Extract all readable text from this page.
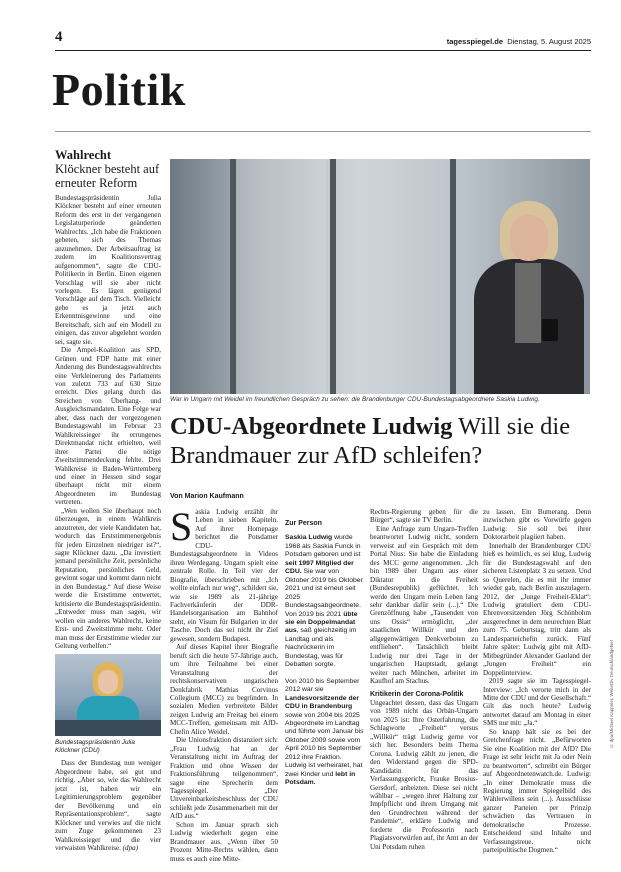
4	tagesspiegel.de Dienstag, 5. August 2025
Politik
Wahlrecht
Klöckner besteht auf erneuter Reform

Bundestagspräsidentin Julia Klöckner besteht auf einer erneuten Reform des erst in der vergangenen Legislaturperiode geänderten Wahlrechts. „Ich habe die Fraktionen gebeten, sich des Themas anzunehmen. Der Arbeitsauftrag ist zudem im Koalitionsvertrag aufgenommen“, sagte die CDU-Politikerin in Berlin. Einen eigenen Vorschlag will sie aber nicht vorlegen. Es lägen genügend Vorschläge auf dem Tisch. Vielleicht gebe es ja jetzt auch Erkenntnisgewinne und eine Bereitschaft, sich auf ein Modell zu einigen, das zuvor abgelehnt worden sei, sagte sie.

Die Ampel-Koalition aus SPD, Grünen und FDP hatte mit einer Änderung des Bundestagswahlrechts eine Verkleinerung des Parlaments von zuletzt 733 auf 630 Sitze erreicht. Dies gelang durch das Streichen von Überhang- und Ausgleichsmandaten. Eine Folge war aber, dass nach der vorgezogenen Bundestagswahl im Februar 23 Wahlkreissieger ihr errungenes Direktmandat nicht erhielten, weil ihrer Partei die nötige Zweitstimmendeckung fehlte. Drei Wahlkreise in Baden-Württemberg und einer in Hessen sind sogar überhaupt nicht mit einem Abgeordneten im Bundestag vertreten.

„Wen wollen Sie überhaupt noch überzeugen, in einem Wahlkreis anzutreten, der viele Kandidaten hat, wodurch das Erststimmenergebnis für jeden Einzelnen niedriger ist?“, sagte Klöckner dazu. „Da investiert jemand persönliche Zeit, persönliche Reputation, persönliches Geld, gewinnt sogar und kommt dann nicht in den Bundestag.“ Auf diese Weise werde die Erststimme entwertet, kritisierte die Bundestagspräsidentin. „Entweder muss man sagen, wir wollen ein anderes Wahlrecht, keine Erst- und Zweitstimme mehr. Oder man muss der Erststimme wieder zur Geltung verhelfen.“

Bundestagspräsidentin Julia Klöckner (CDU)

Dass der Bundestag nun weniger Abgeordnete habe, sei gut und richtig. „Aber so, wie das Wahlrecht jetzt ist, haben wir ein Legitimierungsproblem gegenüber der Bevölkerung und ein Repräsentationsproblem“, sagte Klöckner und verwies auf die nicht zum Zuge gekommenen 23 Wahlkreissieger und die vier verwaisten Wahlkreise. (dpa)

War in Ungarn mit Weidel im freundlichen Gespräch zu sehen: die Brandenburger CDU-Bundestagsabgeordnete Saskia Ludwig.
CDU-Abgeordnete Ludwig Will sie die Brandmauer zur AfD schleifen?
Von Marion Kaufmann

Saskia Ludwig erzählt ihr Leben in sieben Kapiteln. Auf ihrer Homepage berichtet die Potsdamer CDU-Bundestagsabgeordnete in Videos ihren Werdegang. Ungarn spielt eine zentrale Rolle. In Teil vier der Biografie, überschrieben mit „Ich wollte einfach nur weg“, schildert sie, wie sie 1989 als 21-jährige Fachverkäuferin der DDR-Handelsorganisation am Bahnhof steht, ein Visum für Bulgarien in der Tasche. Doch das sei nicht ihr Ziel gewesen, sondern Budapest.

Auf dieses Kapitel ihrer Biografie beruft sich die heute 57-Jährige auch, um ihre Teilnahme bei einer Veranstaltung der rechtskonservativen ungarischen Denkfabrik Mathias Corvinus Collegium (MCC) zu begründen. In sozialen Medien verbreitete Bilder zeigen Ludwig am Freitag bei einem MCC-Treffen, gemeinsam mit AfD-Chefin Alice Weidel.

Die Unionsfraktion distanziert sich: „Frau Ludwig hat an der Veranstaltung nicht im Auftrag der Fraktion und ohne Wissen der Fraktionsführung teilgenommen“, sagte eine Sprecherin dem Tagesspiegel. „Der Unvereinbarkeitsbeschluss der CDU schließt jede Zusammenarbeit mit der AfD aus.“

Schon im Januar sprach sich Ludwig wiederholt gegen eine Brandmauer aus. „Wenn über 50 Prozent Mitte-Rechts wählen, dann muss es auch eine Mitte-

Zur Person

Saskia Ludwig wurde 1968 als Saskia Funck in Potsdam geboren und ist seit 1997 Mitglied der CDU. Sie war von Oktober 2019 bis Oktober 2021 und ist erneut seit 2025 Bundestagsabgeordnete. Von 2019 bis 2021 übte sie ein Doppelmandat aus, saß gleichzeitig im Landtag und als Nachrückerin im Bundestag, was für Debatten sorgte.

Von 2010 bis September 2012 war sie Landesvorsitzende der CDU in Brandenburg sowie von 2004 bis 2025 Abgeordnete im Landtag und führte vom Januar bis Oktober 2009 sowie vom April 2010 bis September 2012 ihre Fraktion. Ludwig ist verheiratet, hat zwei Kinder und lebt in Potsdam.

Rechts-Regierung geben für die Bürger“, sagte sie TV Berlin.

Eine Anfrage zum Ungarn-Treffen beantwortet Ludwig nicht, sondern verweist auf ein Gespräch mit dem Portal Nius: Sie habe die Einladung des MCC gerne angenommen. „Ich bin 1989 über Ungarn aus einer Diktatur in die Freiheit (Bundesrepublik) geflüchtet. Ich werde den Ungarn mein Leben lang sehr dankbar dafür sein (...).“ Die Grenzöffnung habe „Tausenden von uns Ossis“ ermöglicht, „der staatlichen Willkür und den allgegenwärtigen Denkverboten zu entfliehen“. Tatsächlich bleibt Ludwig nur drei Tage in der ungarischen Hauptstadt, gelangt weiter nach München, arbeitet im Kaufhof am Stachus.

Kritikerin der Corona-Politik

Ungeachtet dessen, dass das Ungarn von 1989 nicht das Orbán-Ungarn von 2025 ist: Ihre Osterfahrung, die Schlagworte „Freiheit“ versus „Willkür“ trägt Ludwig gerne vor sich her. Besonders beim Thema Corona. Ludwig zählt zu jenen, die den Widerstand gegen die SPD-Kandidatin für das Verfassungsgericht, Frauke Brosius-Gersdorf, anheizten. Diese sei nicht wählbar – „wegen ihrer Haltung zur Impfpflicht und ihrem Umgang mit den Grundrechten während der Pandemie“, erklärte Ludwig und forderte die Professorin nach Plagiatsvorwürfen auf, ihr Amt an der Uni Potsdam ruhen

zu lassen. Ein Bumerang. Denn inzwischen gibt es Vorwürfe gegen Ludwig: Sie soll bei ihrer Doktorarbeit plagiiert haben.

Innerhalb der Brandenburger CDU hieß es heimlich, es sei klug, Ludwig für die Bundestagswahl auf den sicheren Listenplatz 3 zu setzen. Und so Querelen, die es mit ihr immer wieder gab, nach Berlin auszulagern. 2012, der „Junge Freiheit-Eklat“: Ludwig gratuliert dem CDU-Ehrenvorsitzenden Jörg Schönbohm ausgerechnet in dem neurechten Blatt zum 75. Geburtstag, tritt dann als Landesparteichefin zurück. Fünf Jahre später: Ludwig gibt mit AfD-Mitbegründer Alexander Gauland der „Jungen Freiheit“ ein Doppelinterview.

2019 sagte sie im Tagesspiegel-Interview: „Ich verorte mich in der Mitte der CDU und der Gesellschaft.“ Gilt das noch heute? Ludwig antwortet darauf am Montag in einer SMS nur mit: „Ja.“

So knapp hält sie es bei der Gretchenfrage nicht. „Befürworten Sie eine Koalition mit der AfD? Die Frage ist sehr leicht mit Ja oder Nein zu beantworten“, schreibt ein Bürger auf Abgeordnetenwatch.de. Ludwig: „In einer Demokratie muss die Regierung immer Spiegelbild des Wählerwillens sein (...). Ausschlüsse ganzer Parteien per Prinzip schwächen das Vertrauen in demokratische Prozesse. Entscheidend sind Inhalte und Verfassungstreue, nicht parteipolitische Dogmen.“

© dpa/Michael Kappeler, WeiteDiv Deutschlandgebiet
